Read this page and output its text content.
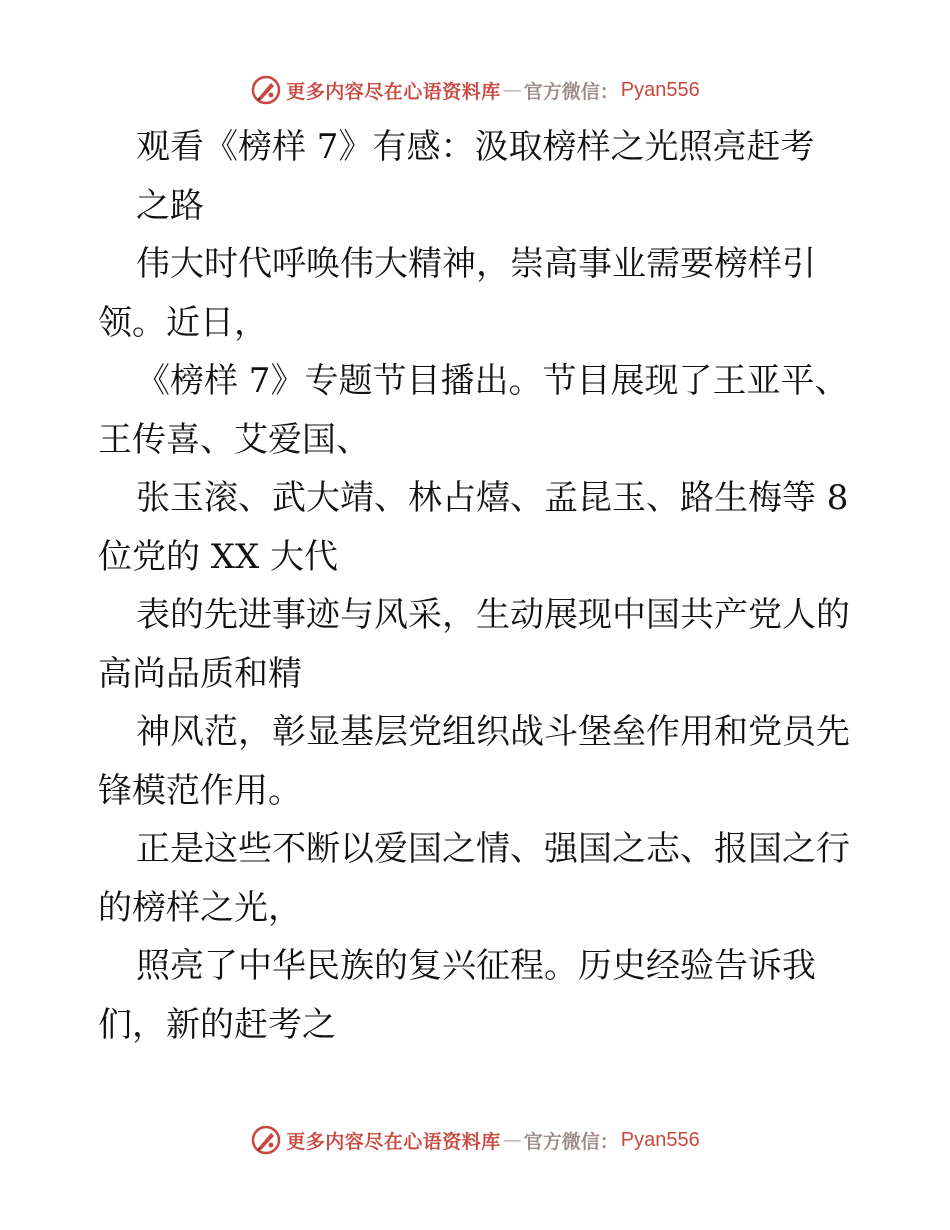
更多内容尽在心语资料库 — 官方微信： Pyan556
观看《榜样 7》有感：汲取榜样之光照亮赶考
之路
伟大时代呼唤伟大精神，崇高事业需要榜样引
领。近日，
《榜样 7》专题节目播出。节目展现了王亚平、
王传喜、艾爱国、
张玉滚、武大靖、林占熺、孟昆玉、路生梅等 8
位党的 XX 大代
表的先进事迹与风采，生动展现中国共产党人的
高尚品质和精
神风范，彰显基层党组织战斗堡垒作用和党员先
锋模范作用。
正是这些不断以爱国之情、强国之志、报国之行
的榜样之光，
照亮了中华民族的复兴征程。历史经验告诉我
们，新的赶考之
更多内容尽在心语资料库 — 官方微信： Pyan556
